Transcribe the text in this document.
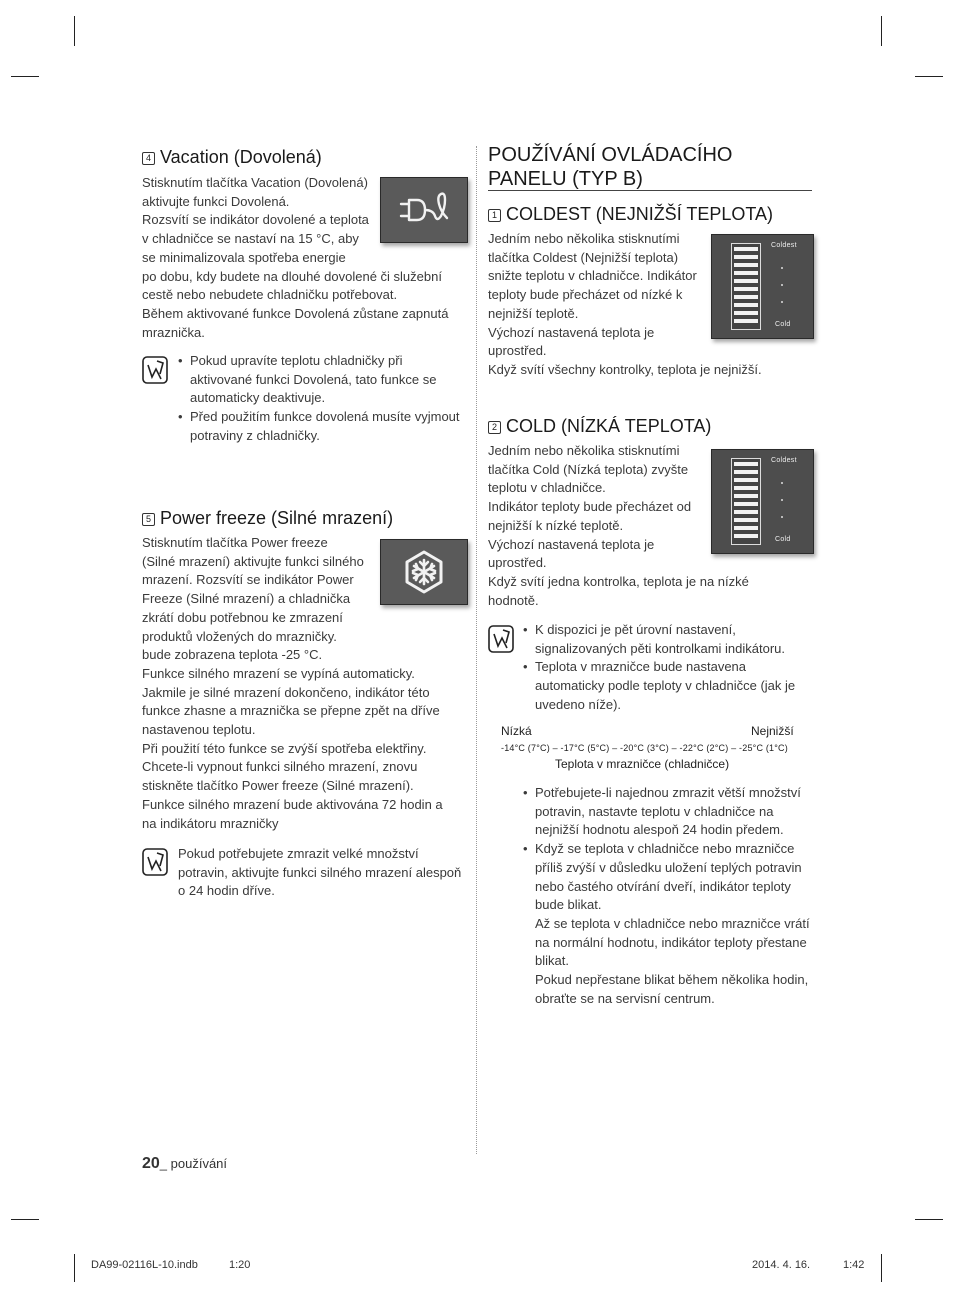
4 Vacation (Dovolená)

Stisknutím tlačítka Vacation (Dovolená)

aktivujte funkci Dovolená.

Rozsvítí se indikátor dovolené a teplota

v chladničce se nastaví na 15 °C, aby

se minimalizovala spotřeba energie

po dobu, kdy budete na dlouhé dovolené či služební

cestě nebo nebudete chladničku potřebovat.

Během aktivované funkce Dovolená zůstane zapnutá

mraznička.

• Pokud upravíte teplotu chladničky při aktivované funkci Dovolená, tato funkce se automaticky deaktivuje.
• Před použitím funkce dovolená musíte vyjmout potraviny z chladničky.
5 Power freeze (Silné mrazení)

Stisknutím tlačítka Power freeze

(Silné mrazení) aktivujte funkci silného

mrazení. Rozsvítí se indikátor Power

Freeze (Silné mrazení) a chladnička

zkrátí dobu potřebnou ke zmrazení

produktů vložených do mrazničky.

bude zobrazena teplota -25 °C.

Funkce silného mrazení se vypíná automaticky.

Jakmile je silné mrazení dokončeno, indikátor této

funkce zhasne a mraznička se přepne zpět na dříve

nastavenou teplotu.

Při použití této funkce se zvýší spotřeba elektřiny.

Chcete-li vypnout funkci silného mrazení, znovu

stiskněte tlačítko Power freeze (Silné mrazení).

Funkce silného mrazení bude aktivována 72 hodin a

na indikátoru mrazničky

Pokud potřebujete zmrazit velké množství potravin, aktivujte funkci silného mrazení alespoň o 24 hodin dříve.
POUŽÍVÁNÍ OVLÁDACÍHO
PANELU (TYP B)
1 COLDEST (NEJNIŽŠÍ TEPLOTA)

Jedním nebo několika stisknutími

tlačítka Coldest (Nejnižší teplota)

snižte teplotu v chladničce. Indikátor

teploty bude přecházet od nízké k

nejnižší teplotě.

Výchozí nastavená teplota je

uprostřed.

Když svítí všechny kontrolky, teplota je nejnižší.

Coldest
Cold
2 COLD (NÍZKÁ TEPLOTA)

Jedním nebo několika stisknutími

tlačítka Cold (Nízká teplota) zvyšte

teplotu v chladničce.

Indikátor teploty bude přecházet od

nejnižší k nízké teplotě.

Výchozí nastavená teplota je

uprostřed.

Když svítí jedna kontrolka, teplota je na nízké

hodnotě.

Coldest
Cold
• K dispozici je pět úrovní nastavení, signalizovaných pěti kontrolkami indikátoru.
• Teplota v mrazničce bude nastavena automaticky podle teploty v chladničce (jak je uvedeno níže).
Nízká	Nejnižší
-14°C (7°C) – -17°C (5°C) – -20°C (3°C) – -22°C (2°C) – -25°C (1°C)
Teplota v mrazničce (chladničce)
• Potřebujete-li najednou zmrazit větší množství potravin, nastavte teplotu v chladničce na nejnižší hodnotu alespoň 24 hodin předem.
• Když se teplota v chladničce nebo mrazničce příliš zvýší v důsledku uložení teplých potravin nebo častého otvírání dveří, indikátor teploty bude blikat.
Až se teplota v chladničce nebo mrazničce vrátí na normální hodnotu, indikátor teploty přestane blikat.
Pokud nepřestane blikat během několika hodin, obraťte se na servisní centrum.
20_ používání
DA99-02116L-10.indb	1:20	2014. 4. 16.	1:42
